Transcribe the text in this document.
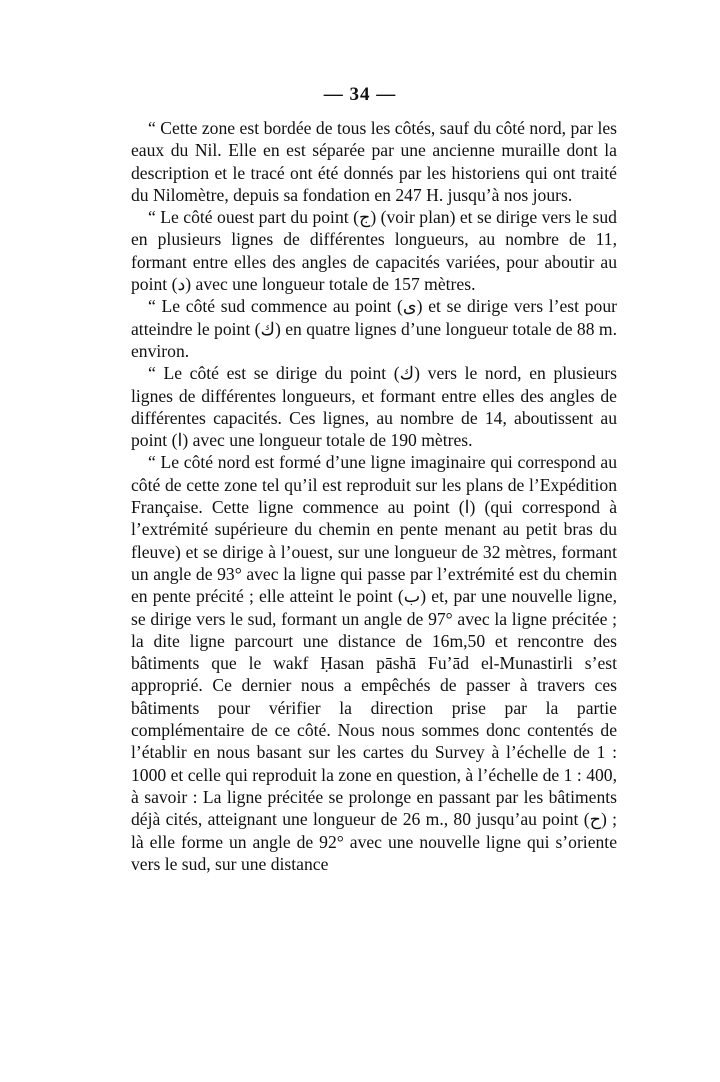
— 34 —

“ Cette zone est bordée de tous les côtés, sauf du côté nord, par les eaux du Nil. Elle en est séparée par une ancienne muraille dont la description et le tracé ont été donnés par les historiens qui ont traité du Nilomètre, depuis sa fondation en 247 H. jusqu’à nos jours.

“ Le côté ouest part du point (ج) (voir plan) et se dirige vers le sud en plusieurs lignes de différentes longueurs, au nombre de 11, formant entre elles des angles de capacités variées, pour aboutir au point (د) avec une longueur totale de 157 mètres.

“ Le côté sud commence au point (ى) et se dirige vers l’est pour atteindre le point (ك) en quatre lignes d’une longueur totale de 88 m. environ.

“ Le côté est se dirige du point (ك) vers le nord, en plusieurs lignes de différentes longueurs, et formant entre elles des angles de différentes capacités. Ces lignes, au nombre de 14, aboutissent au point (ا) avec une longueur totale de 190 mètres.

“ Le côté nord est formé d’une ligne imaginaire qui correspond au côté de cette zone tel qu’il est reproduit sur les plans de l’Expédition Française. Cette ligne commence au point (ا) (qui correspond à l’extrémité supérieure du chemin en pente menant au petit bras du fleuve) et se dirige à l’ouest, sur une longueur de 32 mètres, formant un angle de 93° avec la ligne qui passe par l’extrémité est du chemin en pente précité ; elle atteint le point (ب) et, par une nouvelle ligne, se dirige vers le sud, formant un angle de 97° avec la ligne précitée ; la dite ligne parcourt une distance de 16m,50 et rencontre des bâtiments que le wakf Ḥasan pāshā Fu’ād el-Munastirli s’est approprié. Ce dernier nous a empêchés de passer à travers ces bâtiments pour vérifier la direction prise par la partie complémentaire de ce côté. Nous nous sommes donc contentés de l’établir en nous basant sur les cartes du Survey à l’échelle de 1 : 1000 et celle qui reproduit la zone en question, à l’échelle de 1 : 400, à savoir : La ligne précitée se prolonge en passant par les bâtiments déjà cités, atteignant une longueur de 26 m., 80 jusqu’au point (ح) ; là elle forme un angle de 92° avec une nouvelle ligne qui s’oriente vers le sud, sur une distance
